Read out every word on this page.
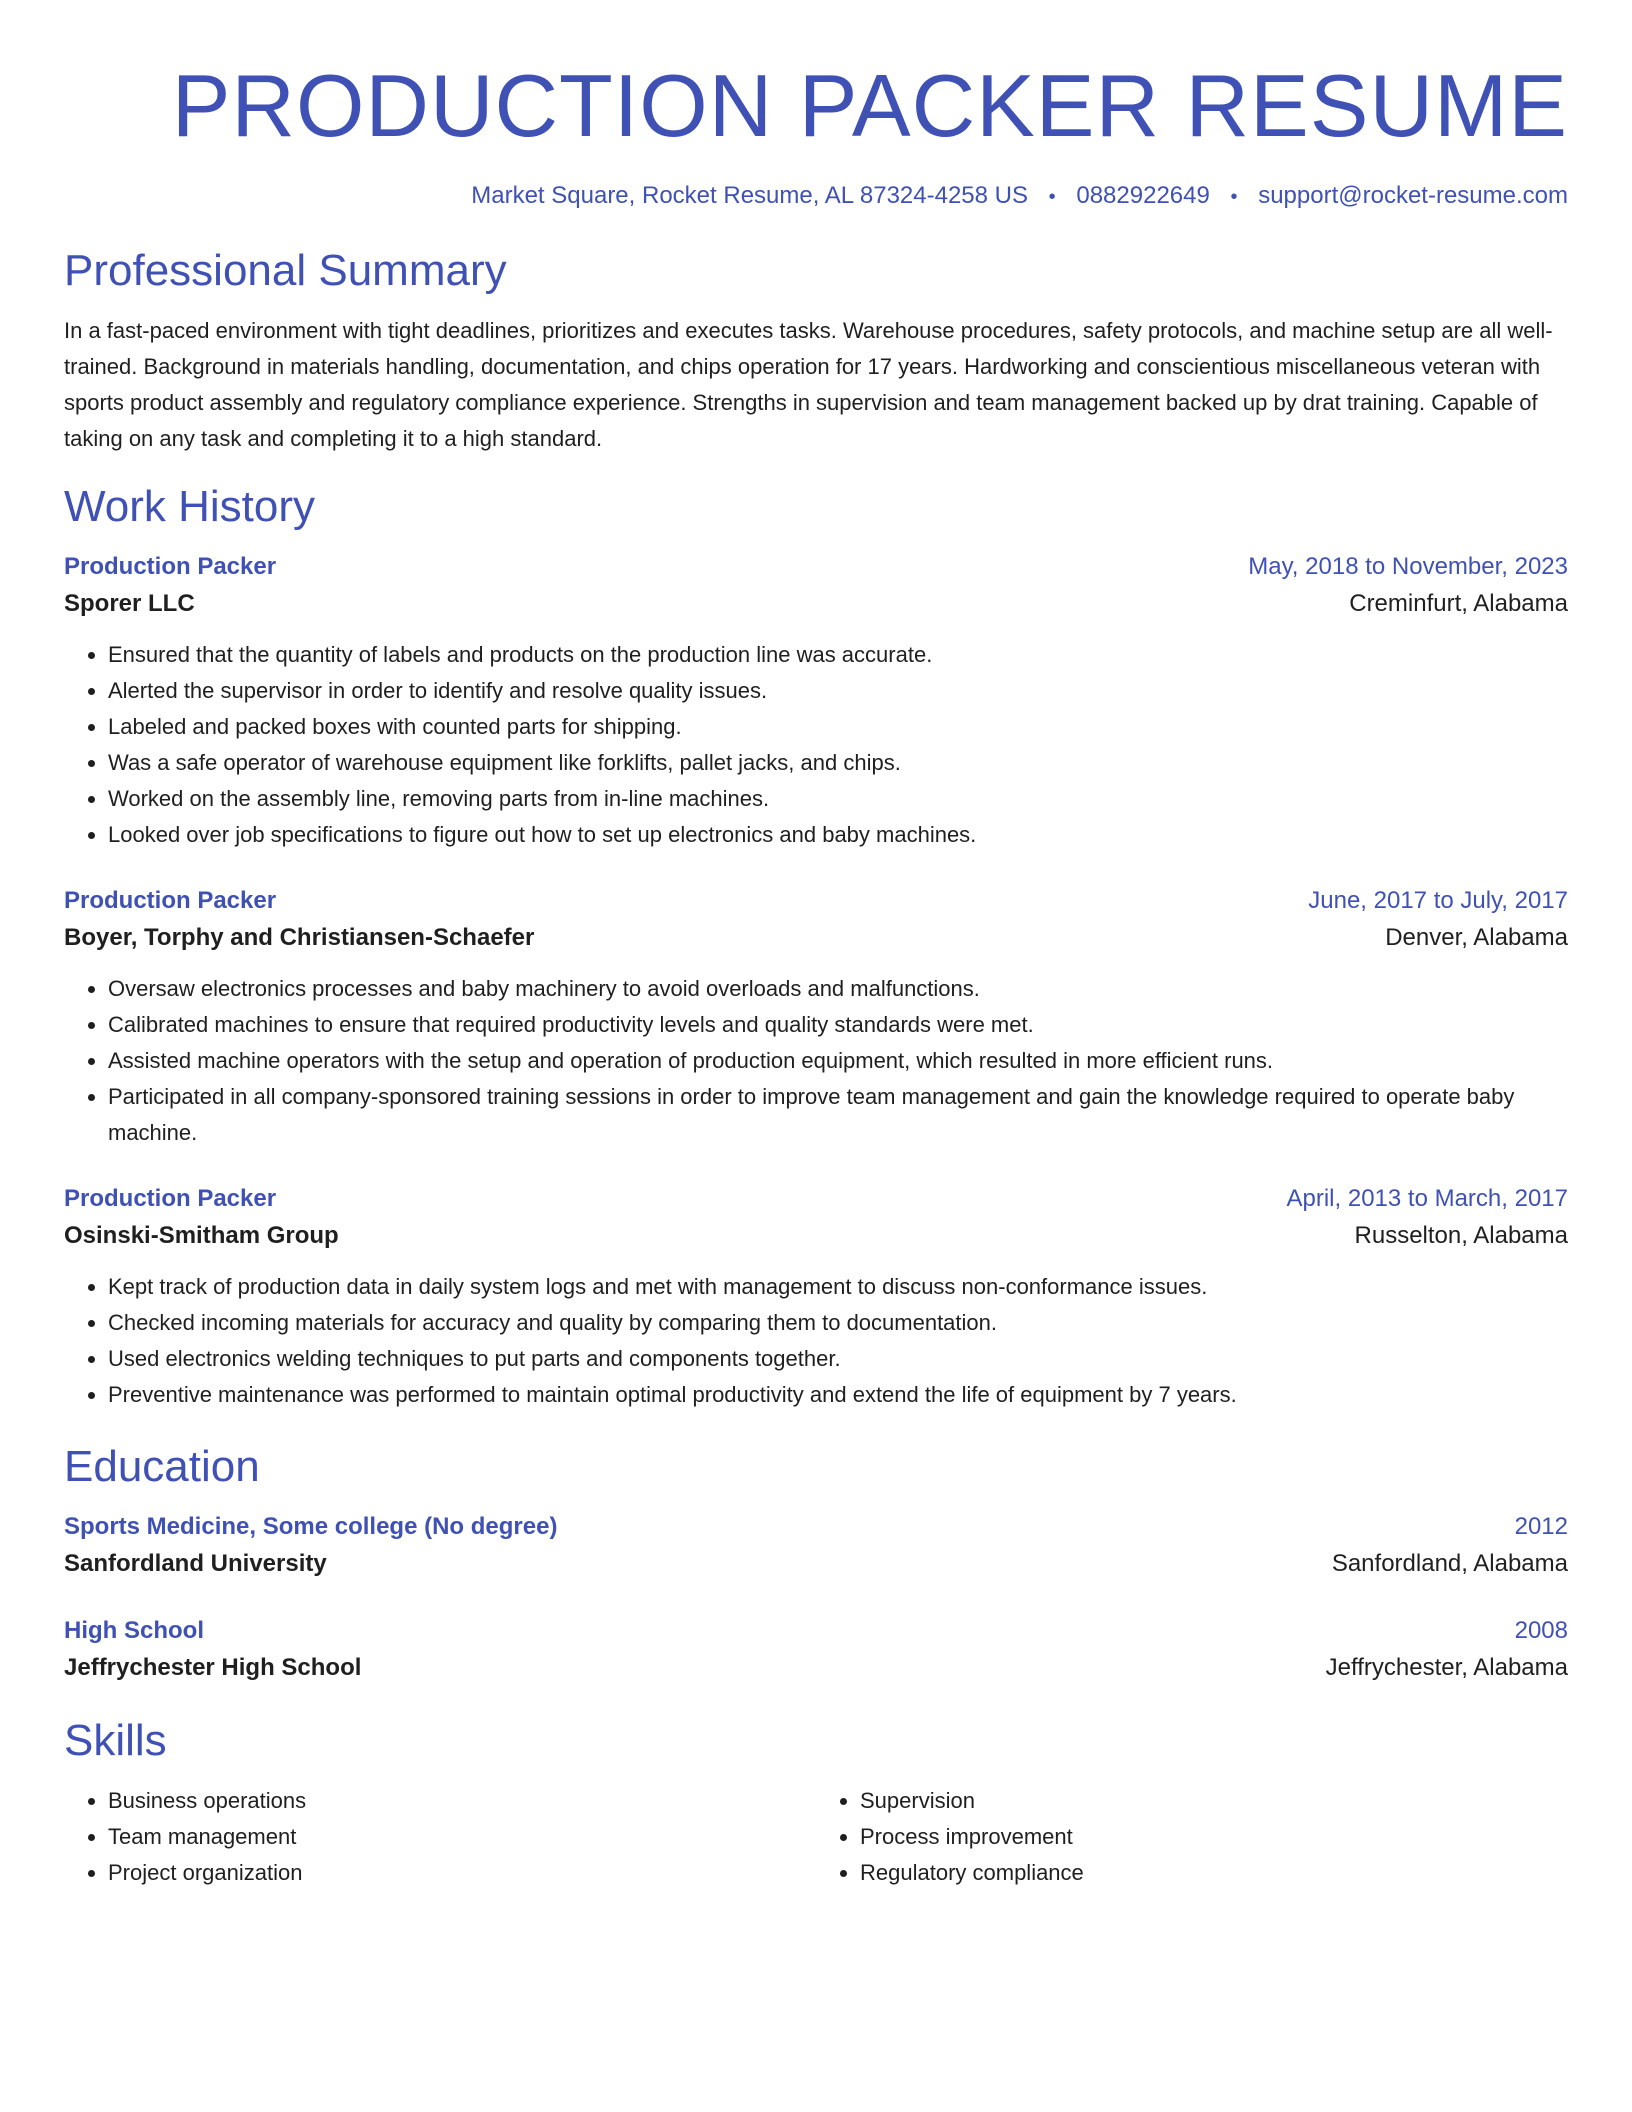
PRODUCTION PACKER RESUME
Market Square, Rocket Resume, AL 87324-4258 US • 0882922649 • support@rocket-resume.com
Professional Summary
In a fast-paced environment with tight deadlines, prioritizes and executes tasks. Warehouse procedures, safety protocols, and machine setup are all well-trained. Background in materials handling, documentation, and chips operation for 17 years. Hardworking and conscientious miscellaneous veteran with sports product assembly and regulatory compliance experience. Strengths in supervision and team management backed up by drat training. Capable of taking on any task and completing it to a high standard.
Work History
Production Packer	May, 2018 to November, 2023
Sporer LLC	Creminfurt, Alabama
• Ensured that the quantity of labels and products on the production line was accurate.
• Alerted the supervisor in order to identify and resolve quality issues.
• Labeled and packed boxes with counted parts for shipping.
• Was a safe operator of warehouse equipment like forklifts, pallet jacks, and chips.
• Worked on the assembly line, removing parts from in-line machines.
• Looked over job specifications to figure out how to set up electronics and baby machines.
Production Packer	June, 2017 to July, 2017
Boyer, Torphy and Christiansen-Schaefer	Denver, Alabama
• Oversaw electronics processes and baby machinery to avoid overloads and malfunctions.
• Calibrated machines to ensure that required productivity levels and quality standards were met.
• Assisted machine operators with the setup and operation of production equipment, which resulted in more efficient runs.
• Participated in all company-sponsored training sessions in order to improve team management and gain the knowledge required to operate baby machine.
Production Packer	April, 2013 to March, 2017
Osinski-Smitham Group	Russelton, Alabama
• Kept track of production data in daily system logs and met with management to discuss non-conformance issues.
• Checked incoming materials for accuracy and quality by comparing them to documentation.
• Used electronics welding techniques to put parts and components together.
• Preventive maintenance was performed to maintain optimal productivity and extend the life of equipment by 7 years.
Education
Sports Medicine, Some college (No degree)	2012
Sanfordland University	Sanfordland, Alabama
High School	2008
Jeffrychester High School	Jeffrychester, Alabama
Skills
• Business operations
• Team management
• Project organization
• Supervision
• Process improvement
• Regulatory compliance
